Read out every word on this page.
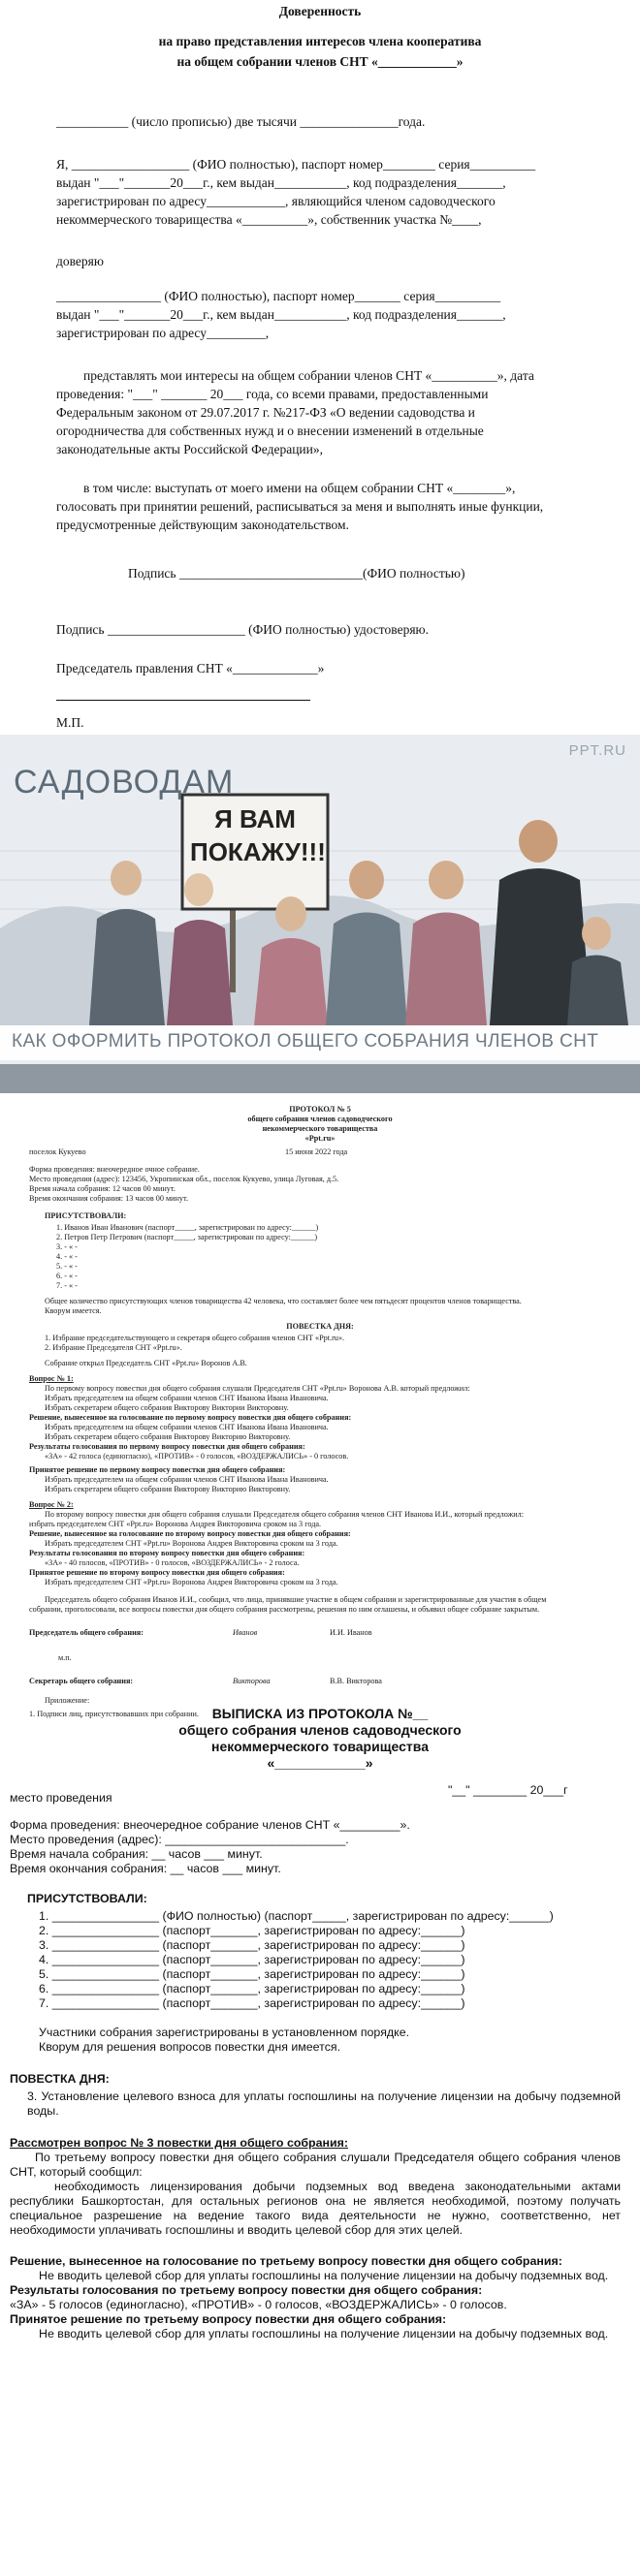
Доверенность
на право представления интересов члена кооператива
на общем собрании членов СНТ «____________»

___________ (число прописью) две тысячи _______________года.

Я, __________________ (ФИО полностью), паспорт номер________ серия__________

выдан "___"_______20___г., кем выдан___________, код подразделения_______,

зарегистрирован по адресу____________, являющийся членом садоводческого

некоммерческого товарищества «__________», собственник участка №____,

доверяю

________________ (ФИО полностью), паспорт номер_______ серия__________

выдан "___"_______20___г., кем выдан___________, код подразделения_______,

зарегистрирован по адресу_________,

представлять мои интересы на общем собрании членов СНТ «__________», дата

проведения: "___" _______ 20___ года, со всеми правами, предоставленными

Федеральным законом от 29.07.2017 г. №217-ФЗ «О ведении садоводства и

огородничества для собственных нужд и о внесении изменений в отдельные

законодательные акты Российской Федерации»,

в том числе: выступать от моего имени на общем собрании СНТ «________»,

голосовать при принятии решений, расписываться за меня и выполнять иные функции,

предусмотренные действующим законодательством.

Подпись ____________________________(ФИО полностью)

Подпись _____________________ (ФИО полностью) удостоверяю.

Председатель правления СНТ «_____________»

М.П.

PPT.RU
САДОВОДАМ
Я ВАМ ПОКАЖУ!!!
КАК ОФОРМИТЬ ПРОТОКОЛ ОБЩЕГО СОБРАНИЯ ЧЛЕНОВ СНТ
ПРОТОКОЛ № 5
общего собрания членов садоводческого
некоммерческого товарищества
«Ppt.ru»
поселок Кукуево	15 июня 2022 года
Форма проведения: внеочередное очное собрание.
Место проведения (адрес): 123456, Укропинская обл., поселок Кукуево, улица Луговая, д.5.
Время начала собрания: 12 часов 00 минут.
Время окончания собрания: 13 часов 00 минут.
ПРИСУТСТВОВАЛИ:
1. Иванов Иван Иванович (паспорт_____, зарегистрирован по адресу:______)
2. Петров Петр Петрович (паспорт_____, зарегистрирован по адресу:______)
3. - « -
4. - « -
5. - « -
6. - « -
7. - « -
Общее количество присутствующих членов товарищества 42 человека, что составляет более чем пятьдесят процентов членов товарищества.
Кворум имеется.
ПОВЕСТКА ДНЯ:
1. Избрание председательствующего и секретаря общего собрания членов СНТ «Ppt.ru».
2. Избрание Председателя СНТ «Ppt.ru».
Собрание открыл Председатель СНТ «Ppt.ru» Воронов А.В.
Вопрос № 1:
По первому вопросу повестки дня общего собрания слушали Председателя СНТ «Ppt.ru» Воронова А.В. который предложил:
Избрать председателем на общем собрании членов СНТ Иванова Ивана Ивановича.
Избрать секретарем общего собрания Викторову Виктории Викторовну.
Решение, вынесенное на голосование по первому вопросу повестки дня общего собрания:
Избрать председателем на общем собрании членов СНТ Иванова Ивана Ивановича.
Избрать секретарем общего собрания Викторову Викторию Викторовну.
Результаты голосования по первому вопросу повестки дня общего собрания:
«ЗА» - 42 голоса (единогласно), «ПРОТИВ» - 0 голосов, «ВОЗДЕРЖАЛИСЬ» - 0 голосов.
Принятое решение по первому вопросу повестки дня общего собрания:
Избрать председателем на общем собрании членов СНТ Иванова Ивана Ивановича.
Избрать секретарем общего собрания Викторову Викторию Викторовну.
Вопрос № 2:
По второму вопросу повестки дня общего собрания слушали Председателя общего собрания членов СНТ Иванова И.И., который предложил:
избрать председателем СНТ «Ppt.ru» Воронова Андрея Викторовича сроком на 3 года.
Решение, вынесенное на голосование по второму вопросу повестки дня общего собрания:
Избрать председателем СНТ «Ppt.ru» Воронова Андрея Викторовича сроком на 3 года.
Результаты голосования по второму вопросу повестки дня общего собрания:
«ЗА» - 40 голосов, «ПРОТИВ» - 0 голосов, «ВОЗДЕРЖАЛИСЬ» - 2 голоса.
Принятое решение по второму вопросу повестки дня общего собрания:
Избрать председателем СНТ «Ppt.ru» Воронова Андрея Викторовича сроком на 3 года.
Председатель общего собрания Иванов И.И., сообщил, что лица, принявшие участие в общем собрании и зарегистрированные для участия в общем
собрании, проголосовали, все вопросы повестки дня общего собрания рассмотрены, решения по ним оглашены, и объявил общее собрание закрытым.
Председатель общего собрания:	Иванов	И.И. Иванов
м.п.
Секретарь общего собрания:	Викторова	В.В. Викторова
Приложение:
1. Подписи лиц, присутствовавших при собрании. ВЫПИСКА ИЗ ПРОТОКОЛА №__
общего собрания членов садоводческого
некоммерческого товарищества
«____________»
место проведения
"__" ________ 20___г
Форма проведения: внеочередное собрание членов СНТ «_________».
Место проведения (адрес): ___________________________.
Время начала собрания: __ часов ___ минут.
Время окончания собрания: __ часов ___ минут.
ПРИСУТСТВОВАЛИ:
1. ________________ (ФИО полностью) (паспорт_____, зарегистрирован по адресу:______)
2. ________________ (паспорт_______, зарегистрирован по адресу:______)
3. ________________ (паспорт_______, зарегистрирован по адресу:______)
4. ________________ (паспорт_______, зарегистрирован по адресу:______)
5. ________________ (паспорт_______, зарегистрирован по адресу:______)
6. ________________ (паспорт_______, зарегистрирован по адресу:______)
7. ________________ (паспорт_______, зарегистрирован по адресу:______)
Участники собрания зарегистрированы в установленном порядке.
Кворум для решения вопросов повестки дня имеется.
ПОВЕСТКА ДНЯ:
3. Установление целевого взноса для уплаты госпошлины на получение лицензии на добычу подземной воды.
Рассмотрен вопрос № 3 повестки дня общего собрания:
По третьему вопросу повестки дня общего собрания слушали Председателя общего собрания членов СНТ, который сообщил:
необходимость лицензирования добычи подземных вод введена законодательными актами республики Башкортостан, для остальных регионов она не является необходимой, поэтому получать специальное разрешение на ведение такого вида деятельности не нужно, соответственно, нет необходимости уплачивать госпошлины и вводить целевой сбор для этих целей.
Решение, вынесенное на голосование по третьему вопросу повестки дня общего собрания:
Не вводить целевой сбор для уплаты госпошлины на получение лицензии на добычу подземных вод.
Результаты голосования по третьему вопросу повестки дня общего собрания:
«ЗА» - 5 голосов (единогласно), «ПРОТИВ» - 0 голосов, «ВОЗДЕРЖАЛИСЬ» - 0 голосов.
Принятое решение по третьему вопросу повестки дня общего собрания:
Не вводить целевой сбор для уплаты госпошлины на получение лицензии на добычу подземных вод.
